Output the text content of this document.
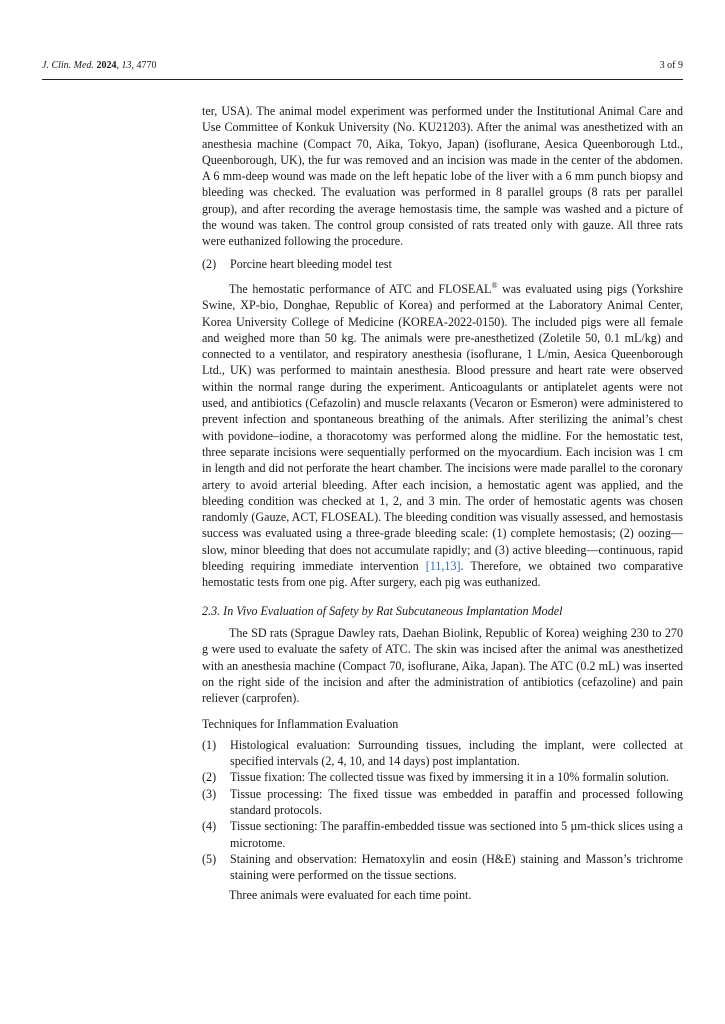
J. Clin. Med. 2024, 13, 4770	3 of 9

ter, USA). The animal model experiment was performed under the Institutional Animal Care and Use Committee of Konkuk University (No. KU21203). After the animal was anesthetized with an anesthesia machine (Compact 70, Aika, Tokyo, Japan) (isoflurane, Aesica Queenborough Ltd., Queenborough, UK), the fur was removed and an incision was made in the center of the abdomen. A 6 mm-deep wound was made on the left hepatic lobe of the liver with a 6 mm punch biopsy and bleeding was checked. The evaluation was performed in 8 parallel groups (8 rats per parallel group), and after recording the average hemostasis time, the sample was washed and a picture of the wound was taken. The control group consisted of rats treated only with gauze. All three rats were euthanized following the procedure.

(2)	Porcine heart bleeding model test

The hemostatic performance of ATC and FLOSEAL® was evaluated using pigs (Yorkshire Swine, XP-bio, Donghae, Republic of Korea) and performed at the Laboratory Animal Center, Korea University College of Medicine (KOREA-2022-0150). The included pigs were all female and weighed more than 50 kg. The animals were pre-anesthetized (Zoletile 50, 0.1 mL/kg) and connected to a ventilator, and respiratory anesthesia (isoflurane, 1 L/min, Aesica Queenborough Ltd., UK) was performed to maintain anesthesia. Blood pressure and heart rate were observed within the normal range during the experiment. Anticoagulants or antiplatelet agents were not used, and antibiotics (Cefazolin) and muscle relaxants (Vecaron or Esmeron) were administered to prevent infection and spontaneous breathing of the animals. After sterilizing the animal’s chest with povidone–iodine, a thoracotomy was performed along the midline. For the hemostatic test, three separate incisions were sequentially performed on the myocardium. Each incision was 1 cm in length and did not perforate the heart chamber. The incisions were made parallel to the coronary artery to avoid arterial bleeding. After each incision, a hemostatic agent was applied, and the bleeding condition was checked at 1, 2, and 3 min. The order of hemostatic agents was chosen randomly (Gauze, ACT, FLOSEAL). The bleeding condition was visually assessed, and hemostasis success was evaluated using a three-grade bleeding scale: (1) complete hemostasis; (2) oozing—slow, minor bleeding that does not accumulate rapidly; and (3) active bleeding—continuous, rapid bleeding requiring immediate intervention [11,13]. Therefore, we obtained two comparative hemostatic tests from one pig. After surgery, each pig was euthanized.

2.3. In Vivo Evaluation of Safety by Rat Subcutaneous Implantation Model

The SD rats (Sprague Dawley rats, Daehan Biolink, Republic of Korea) weighing 230 to 270 g were used to evaluate the safety of ATC. The skin was incised after the animal was anesthetized with an anesthesia machine (Compact 70, isoflurane, Aika, Japan). The ATC (0.2 mL) was inserted on the right side of the incision and after the administration of antibiotics (cefazoline) and pain reliever (carprofen).

Techniques for Inflammation Evaluation

(1)	Histological evaluation: Surrounding tissues, including the implant, were collected at specified intervals (2, 4, 10, and 14 days) post implantation.
(2)	Tissue fixation: The collected tissue was fixed by immersing it in a 10% formalin solution.
(3)	Tissue processing: The fixed tissue was embedded in paraffin and processed following standard protocols.
(4)	Tissue sectioning: The paraffin-embedded tissue was sectioned into 5 µm-thick slices using a microtome.
(5)	Staining and observation: Hematoxylin and eosin (H&E) staining and Masson’s trichrome staining were performed on the tissue sections.

Three animals were evaluated for each time point.
